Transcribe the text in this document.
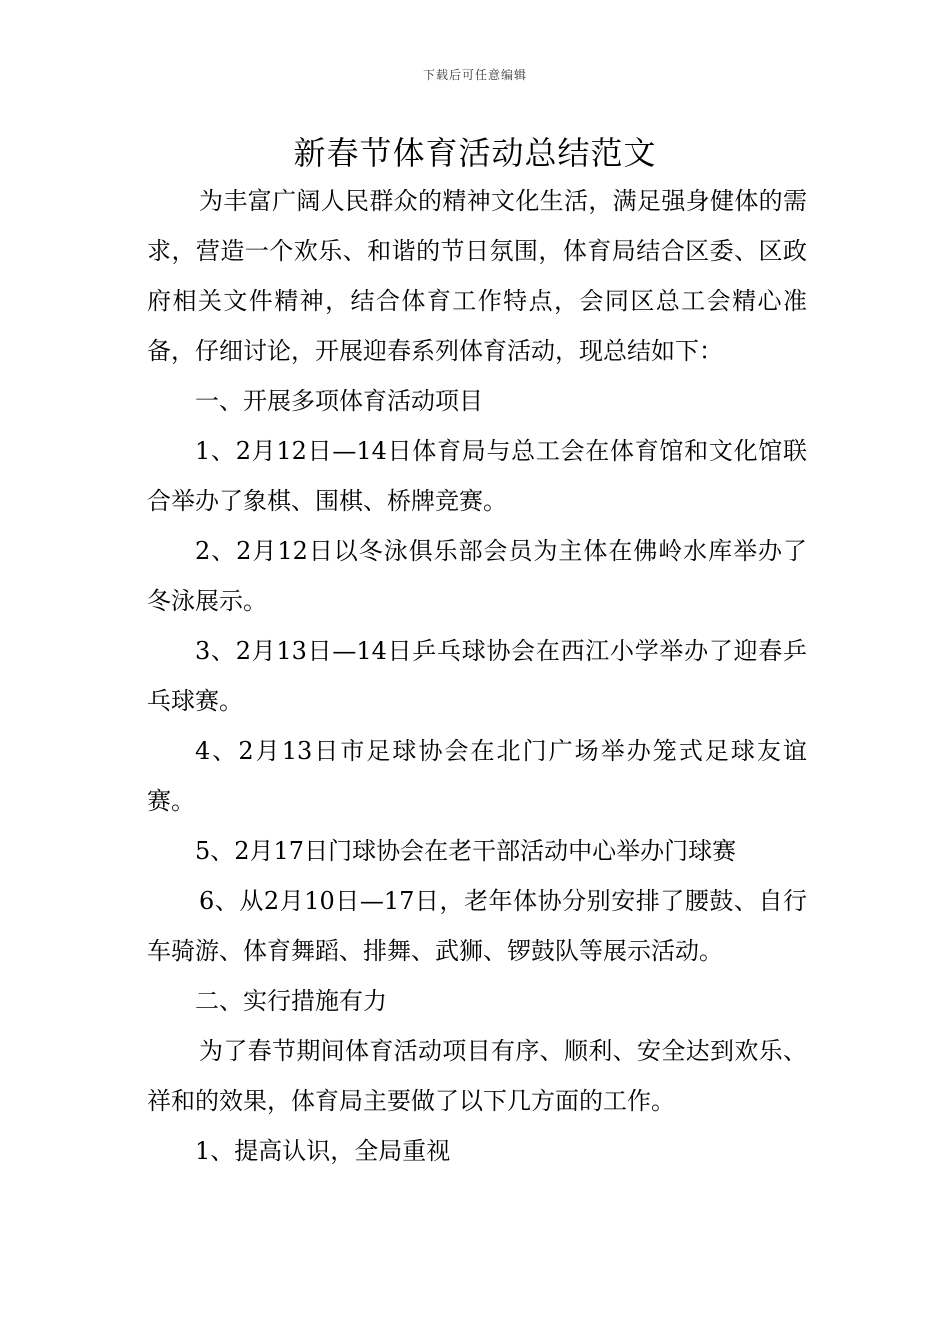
下载后可任意编辑
新春节体育活动总结范文

为丰富广阔人民群众的精神文化生活，满足强身健体的需求，营造一个欢乐、和谐的节日氛围，体育局结合区委、区政府相关文件精神，结合体育工作特点，会同区总工会精心准备，仔细讨论，开展迎春系列体育活动，现总结如下：

一、开展多项体育活动项目

1、2月12日—14日体育局与总工会在体育馆和文化馆联合举办了象棋、围棋、桥牌竞赛。

2、2月12日以冬泳俱乐部会员为主体在佛岭水库举办了冬泳展示。

3、2月13日—14日乒乓球协会在西江小学举办了迎春乒乓球赛。

4、2月13日市足球协会在北门广场举办笼式足球友谊赛。

5、2月17日门球协会在老干部活动中心举办门球赛

6、从2月10日—17日，老年体协分别安排了腰鼓、自行车骑游、体育舞蹈、排舞、武狮、锣鼓队等展示活动。

二、实行措施有力

为了春节期间体育活动项目有序、顺利、安全达到欢乐、祥和的效果，体育局主要做了以下几方面的工作。

1、提高认识，全局重视
